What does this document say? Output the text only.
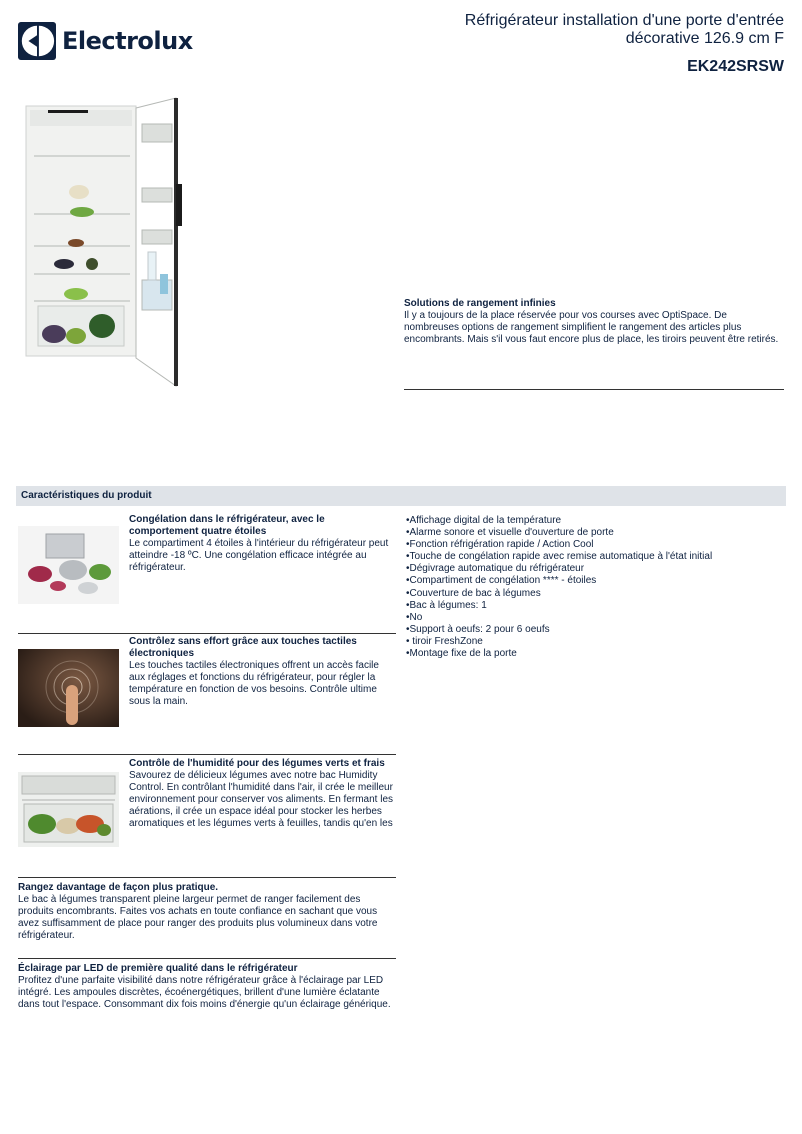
Electrolux
Réfrigérateur installation d'une porte d'entrée décorative 126.9 cm F
EK242SRSW
Solutions de rangement infinies
Il y a toujours de la place réservée pour vos courses avec OptiSpace. De nombreuses options de rangement simplifient le rangement des articles plus encombrants. Mais s'il vous faut encore plus de place, les tiroirs peuvent être retirés.
Caractéristiques du produit
Congélation dans le réfrigérateur, avec le comportement quatre étoiles
Le compartiment 4 étoiles à l'intérieur du réfrigérateur peut atteindre -18 ºC. Une congélation efficace intégrée au réfrigérateur.
Contrôlez sans effort grâce aux touches tactiles électroniques
Les touches tactiles électroniques offrent un accès facile aux réglages et fonctions du réfrigérateur, pour régler la température en fonction de vos besoins. Contrôle ultime sous la main.
Contrôle de l'humidité pour des légumes verts et frais
Savourez de délicieux légumes avec notre bac Humidity Control. En contrôlant l'humidité dans l'air, il crée le meilleur environnement pour conserver vos aliments. En fermant les aérations, il crée un espace idéal pour stocker les herbes aromatiques et les légumes verts à feuilles, tandis qu'en les
Rangez davantage de façon plus pratique.
Le bac à légumes transparent pleine largeur permet de ranger facilement des produits encombrants. Faites vos achats en toute confiance en sachant que vous avez suffisamment de place pour ranger des produits plus volumineux dans votre réfrigérateur.
Éclairage par LED de première qualité dans le réfrigérateur
Profitez d'une parfaite visibilité dans notre réfrigérateur grâce à l'éclairage par LED intégré. Les ampoules discrètes, écoénergétiques, brillent d'une lumière éclatante dans tout l'espace. Consommant dix fois moins d'énergie qu'un éclairage générique.
• Affichage digital de la température
• Alarme sonore et visuelle d'ouverture de porte
• Fonction réfrigération rapide / Action Cool
• Touche de congélation rapide avec remise automatique à l'état initial
• Dégivrage automatique du réfrigérateur
• Compartiment de congélation **** - étoiles
• Couverture de bac à légumes
• Bac à légumes: 1
• No
• Support à oeufs: 2 pour 6 oeufs
• tiroir FreshZone
• Montage fixe de la porte
